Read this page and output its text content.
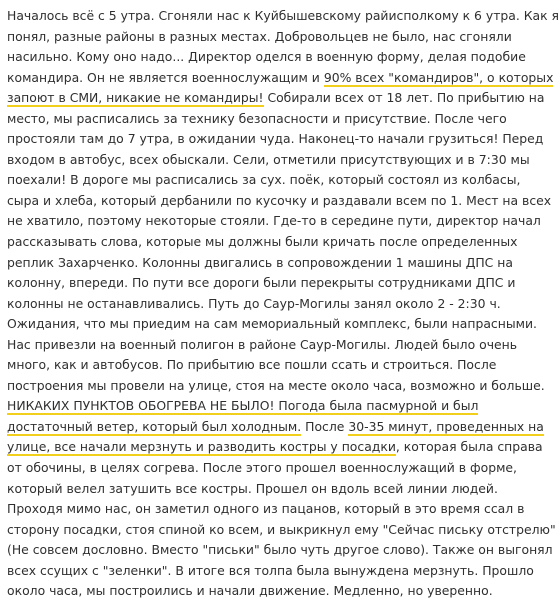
Началось всё с 5 утра. Сгоняли нас к Куйбышевскому райисполкому к 6 утра. Как я
понял, разные районы в разных местах. Добровольцев не было, нас сгоняли
насильно. Кому оно надо... Директор оделся в военную форму, делая подобие
командира. Он не является военнослужащим и 90% всех "командиров", о которых
запоют в СМИ, никакие не командиры! Собирали всех от 18 лет. По прибытию на
место, мы расписались за технику безопасности и присутствие. После чего
простояли там до 7 утра, в ожидании чуда. Наконец-то начали грузиться! Перед
входом в автобус, всех обыскали. Сели, отметили присутствующих и в 7:30 мы
поехали! В дороге мы расписались за сух. поёк, который состоял из колбасы,
сыра и хлеба, который дербанили по кусочку и раздавали всем по 1. Мест на всех
не хватило, поэтому некоторые стояли. Где-то в середине пути, директор начал
рассказывать слова, которые мы должны были кричать после определенных
реплик Захарченко. Колонны двигались в сопровождении 1 машины ДПС на
колонну, впереди. По пути все дороги были перекрыты сотрудниками ДПС и
колонны не останавливались. Путь до Саур-Могилы занял около 2 - 2:30 ч.
Ожидания, что мы приедим на сам мемориальный комплекс, были напрасными.
Нас привезли на военный полигон в районе Саур-Могилы. Людей было очень
много, как и автобусов. По прибытию все пошли ссать и строиться. После
построения мы провели на улице, стоя на месте около часа, возможно и больше.
НИКАКИХ ПУНКТОВ ОБОГРЕВА НЕ БЫЛО! Погода была пасмурной и был
достаточный ветер, который был холодным. После 30-35 минут, проведенных на
улице, все начали мерзнуть и разводить костры у посадки, которая была справа
от обочины, в целях согрева. После этого прошел военнослужащий в форме,
который велел затушить все костры. Прошел он вдоль всей линии людей.
Проходя мимо нас, он заметил одного из пацанов, который в это время ссал в
сторону посадки, стоя спиной ко всем, и выкрикнул ему "Сейчас письку отстрелю"
(Не совсем дословно. Вместо "письки" было чуть другое слово). Также он выгонял
всех ссущих с "зеленки". В итоге вся толпа была вынуждена мерзнуть. Прошло
около часа, мы построились и начали движение. Медленно, но уверенно.
